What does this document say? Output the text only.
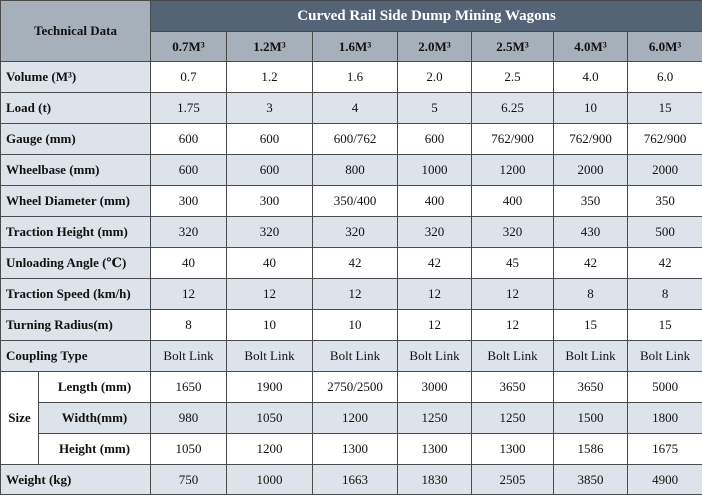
Technical Data		Curved Rail Side Dump Mining Wagons						
		0.7M³	1.2M³	1.6M³	2.0M³	2.5M³	4.0M³	6.0M³
Volume (M³)		0.7	1.2	1.6	2.0	2.5	4.0	6.0
Load (t)		1.75	3	4	5	6.25	10	15
Gauge (mm)		600	600	600/762	600	762/900	762/900	762/900
Wheelbase (mm)		600	600	800	1000	1200	2000	2000
Wheel Diameter (mm)		300	300	350/400	400	400	350	350
Traction Height (mm)		320	320	320	320	320	430	500
Unloading Angle (℃)		40	40	42	42	45	42	42
Traction Speed (km/h)		12	12	12	12	12	8	8
Turning Radius(m)		8	10	10	12	12	15	15
Coupling Type		Bolt Link	Bolt Link	Bolt Link	Bolt Link	Bolt Link	Bolt Link	Bolt Link
Size	Length (mm)	1650	1900	2750/2500	3000	3650	3650	5000
	Width(mm)	980	1050	1200	1250	1250	1500	1800
	Height (mm)	1050	1200	1300	1300	1300	1586	1675
Weight (kg)		750	1000	1663	1830	2505	3850	4900
